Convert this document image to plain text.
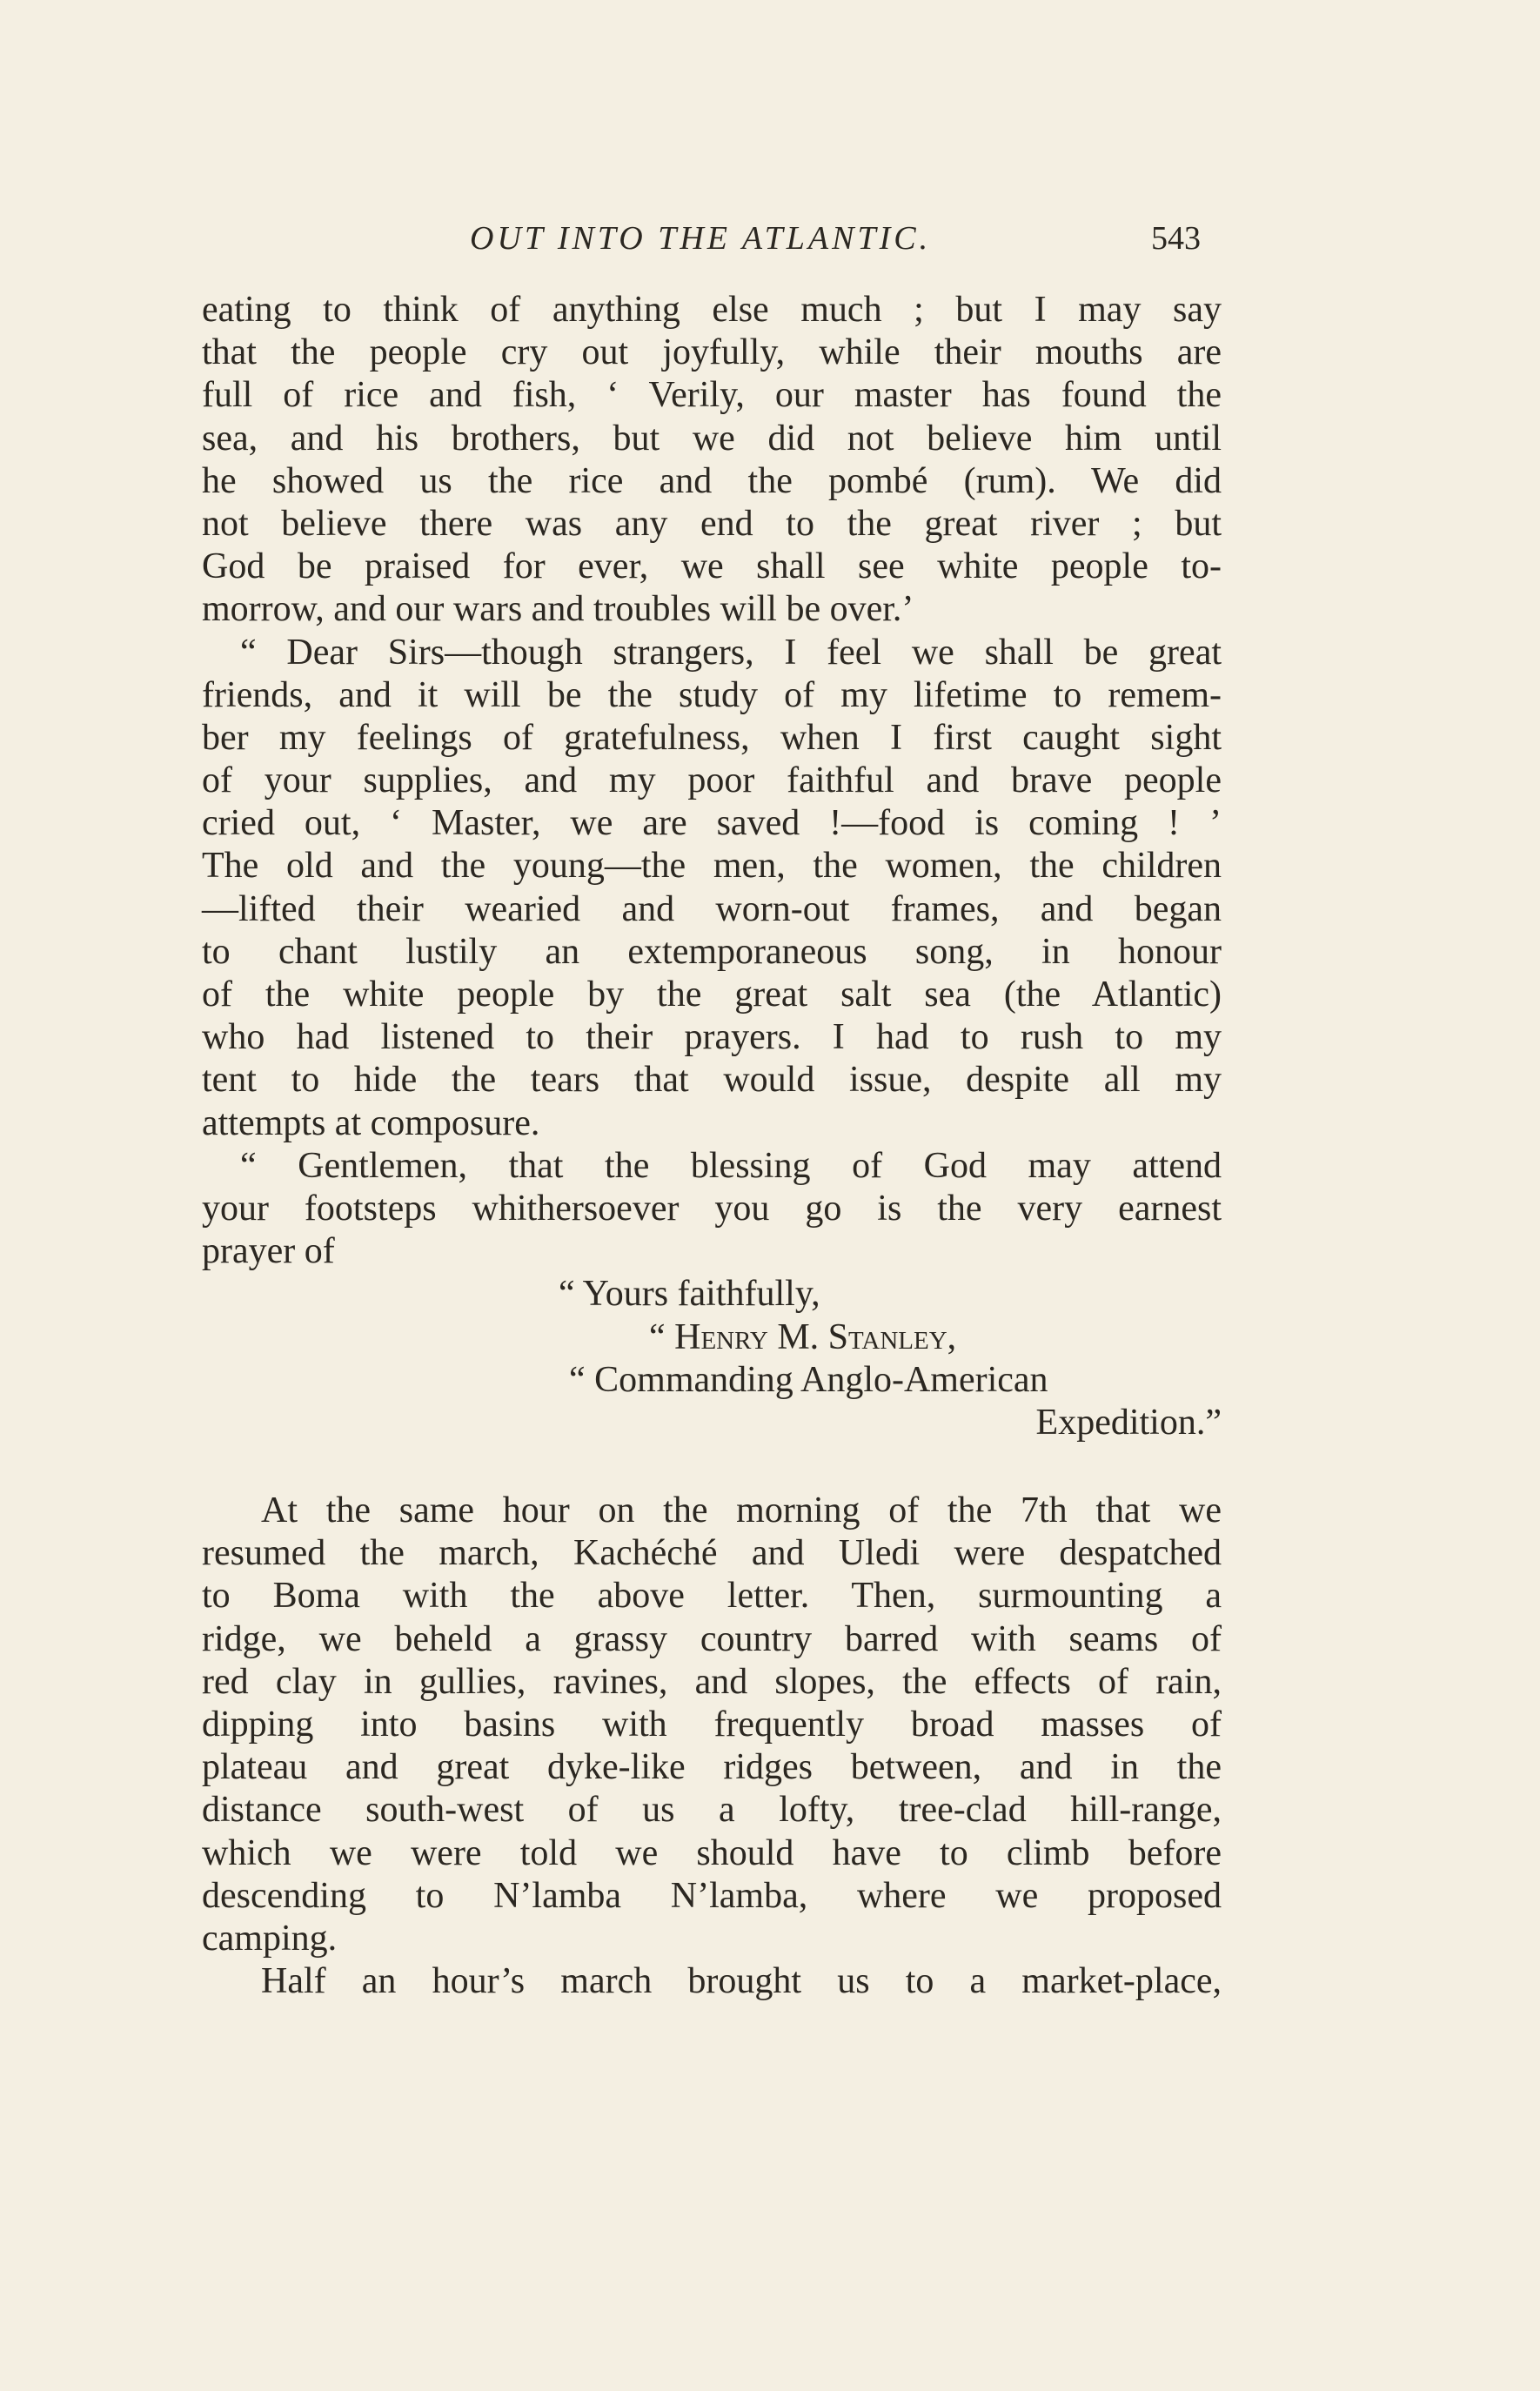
OUT INTO THE ATLANTIC.	543
eating to think of anything else much ; but I may say
that the people cry out joyfully, while their mouths are
full of rice and fish, ‘ Verily, our master has found the
sea, and his brothers, but we did not believe him until
he showed us the rice and the pombé (rum). We did
not believe there was any end to the great river ; but
God be praised for ever, we shall see white people to-
morrow, and our wars and troubles will be over.’
“ Dear Sirs—though strangers, I feel we shall be great
friends, and it will be the study of my lifetime to remem-
ber my feelings of gratefulness, when I first caught sight
of your supplies, and my poor faithful and brave people
cried out, ‘ Master, we are saved !—food is coming ! ’
The old and the young—the men, the women, the children
—lifted their wearied and worn-out frames, and began
to chant lustily an extemporaneous song, in honour
of the white people by the great salt sea (the Atlantic)
who had listened to their prayers. I had to rush to my
tent to hide the tears that would issue, despite all my
attempts at composure.
“ Gentlemen, that the blessing of God may attend
your footsteps whithersoever you go is the very earnest
prayer of
“ Yours faithfully,
“ Henry M. Stanley,
“ Commanding Anglo-American
Expedition.”
At the same hour on the morning of the 7th that we
resumed the march, Kachéché and Uledi were despatched
to Boma with the above letter. Then, surmounting a
ridge, we beheld a grassy country barred with seams of
red clay in gullies, ravines, and slopes, the effects of rain,
dipping into basins with frequently broad masses of
plateau and great dyke-like ridges between, and in the
distance south-west of us a lofty, tree-clad hill-range,
which we were told we should have to climb before
descending to N’lamba N’lamba, where we proposed
camping.
Half an hour’s march brought us to a market-place,
